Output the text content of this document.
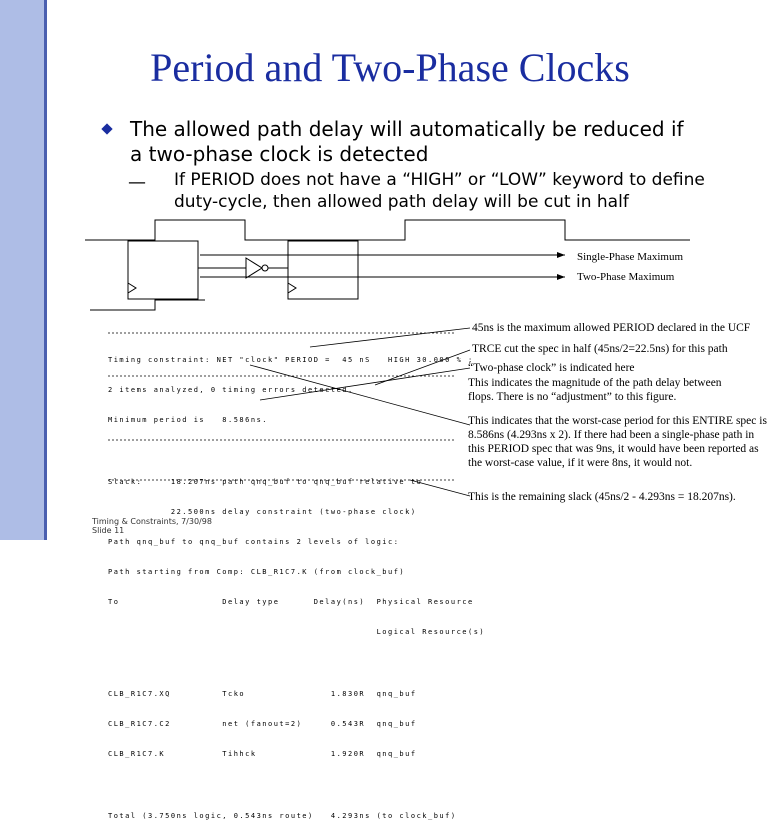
Period and Two-Phase Clocks
The allowed path delay will automatically be reduced if a two-phase clock is detected
— If PERIOD does not have a “HIGH” or “LOW” keyword to define duty-cycle, then allowed path delay will be cut in half
Single-Phase Maximum
Two-Phase Maximum

Timing constraint: NET "clock" PERIOD =  45 nS   HIGH 30.000 % ;

2 items analyzed, 0 timing errors detected.

Minimum period is   8.586ns.

Slack:     18.207ns path qnq_buf to qnq_buf relative to

22.500ns delay constraint (two-phase clock)

Path qnq_buf to qnq_buf contains 2 levels of logic:

Path starting from Comp: CLB_R1C7.K (from clock_buf)

To                  Delay type      Delay(ns)  Physical Resource

Logical Resource(s)

CLB_R1C7.XQ         Tcko               1.830R  qnq_buf

CLB_R1C7.C2         net (fanout=2)     0.543R  qnq_buf

CLB_R1C7.K          Tihhck             1.920R  qnq_buf

Total (3.750ns logic, 0.543ns route)   4.293ns (to clock_buf)

45ns is the maximum allowed PERIOD declared in the UCF
TRCE cut the spec in half (45ns/2=22.5ns) for this path
“Two-phase clock” is indicated here
This indicates the magnitude of the path delay between flops. There is no “adjustment” to this figure.
This indicates that the worst-case period for this ENTIRE spec is 8.586ns (4.293ns x 2). If there had been a single-phase path in this PERIOD spec that was 9ns, it would have been reported as the worst-case value, if it were 8ns, it would not.
This is the remaining slack (45ns/2 - 4.293ns = 18.207ns).
Timing & Constraints, 7/30/98
Slide 11
